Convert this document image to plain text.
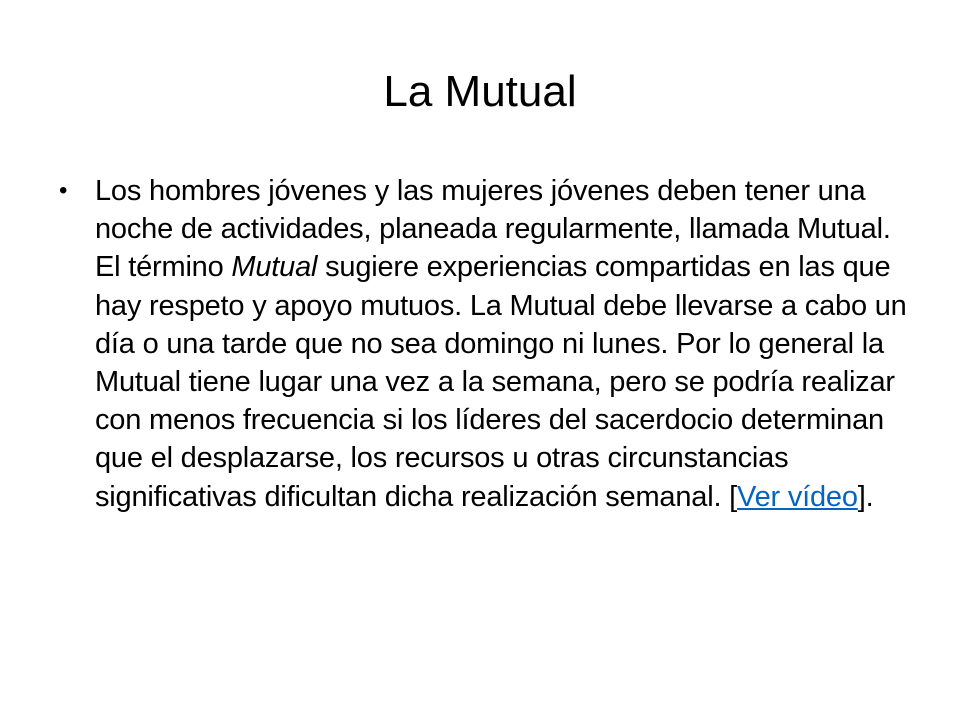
La Mutual
• Los hombres jóvenes y las mujeres jóvenes deben tener una noche de actividades, planeada regularmente, llamada Mutual. El término Mutual sugiere experiencias compartidas en las que hay respeto y apoyo mutuos. La Mutual debe llevarse a cabo un día o una tarde que no sea domingo ni lunes. Por lo general la Mutual tiene lugar una vez a la semana, pero se podría realizar con menos frecuencia si los líderes del sacerdocio determinan que el desplazarse, los recursos u otras circunstancias significativas dificultan dicha realización semanal. [Ver vídeo].
